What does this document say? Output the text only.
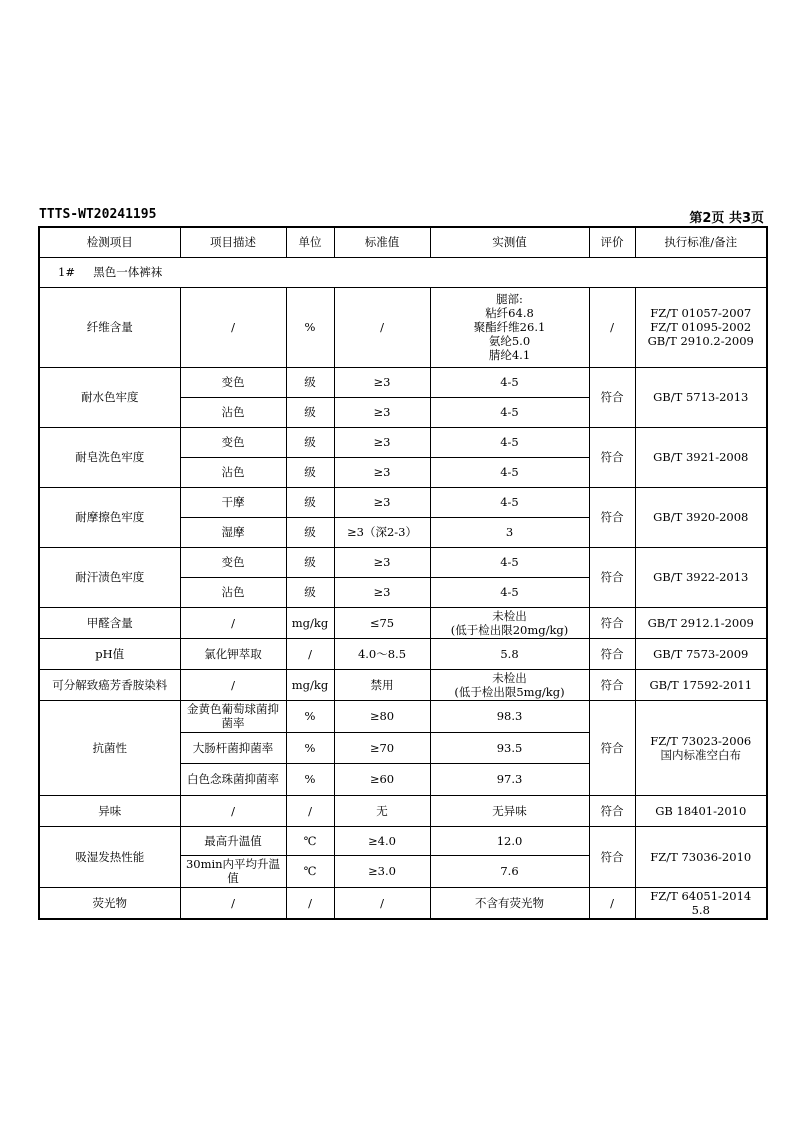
TTTS-WT20241195	第2页 共3页
检测项目	项目描述	单位	标准值	实测值	评价	执行标准/备注
1# 黑色一体裤袜						
纤维含量	/	%	/	腿部:
粘纤64.8
聚酯纤维26.1
氨纶5.0
腈纶4.1	/	FZ/T 01057-2007
FZ/T 01095-2002
GB/T 2910.2-2009
耐水色牢度	变色	级	≥3	4-5	符合	GB/T 5713-2013
	沾色	级	≥3	4-5		
耐皂洗色牢度	变色	级	≥3	4-5	符合	GB/T 3921-2008
	沾色	级	≥3	4-5		
耐摩擦色牢度	干摩	级	≥3	4-5	符合	GB/T 3920-2008
	湿摩	级	≥3（深2-3）	3		
耐汗渍色牢度	变色	级	≥3	4-5	符合	GB/T 3922-2013
	沾色	级	≥3	4-5		
甲醛含量	/	mg/kg	≤75	未检出
(低于检出限20mg/kg)	符合	GB/T 2912.1-2009
pH值	氯化钾萃取	/	4.0～8.5	5.8	符合	GB/T 7573-2009
可分解致癌芳香胺染料	/	mg/kg	禁用	未检出
(低于检出限5mg/kg)	符合	GB/T 17592-2011
抗菌性	金黄色葡萄球菌抑菌率	%	≥80	98.3	符合	FZ/T 73023-2006
国内标准空白布
	大肠杆菌抑菌率	%	≥70	93.5		
	白色念珠菌抑菌率	%	≥60	97.3		
异味	/	/	无	无异味	符合	GB 18401-2010
吸湿发热性能	最高升温值	℃	≥4.0	12.0	符合	FZ/T 73036-2010
	30min内平均升温值	℃	≥3.0	7.6		
荧光物	/	/	/	不含有荧光物	/	FZ/T 64051-2014
5.8
